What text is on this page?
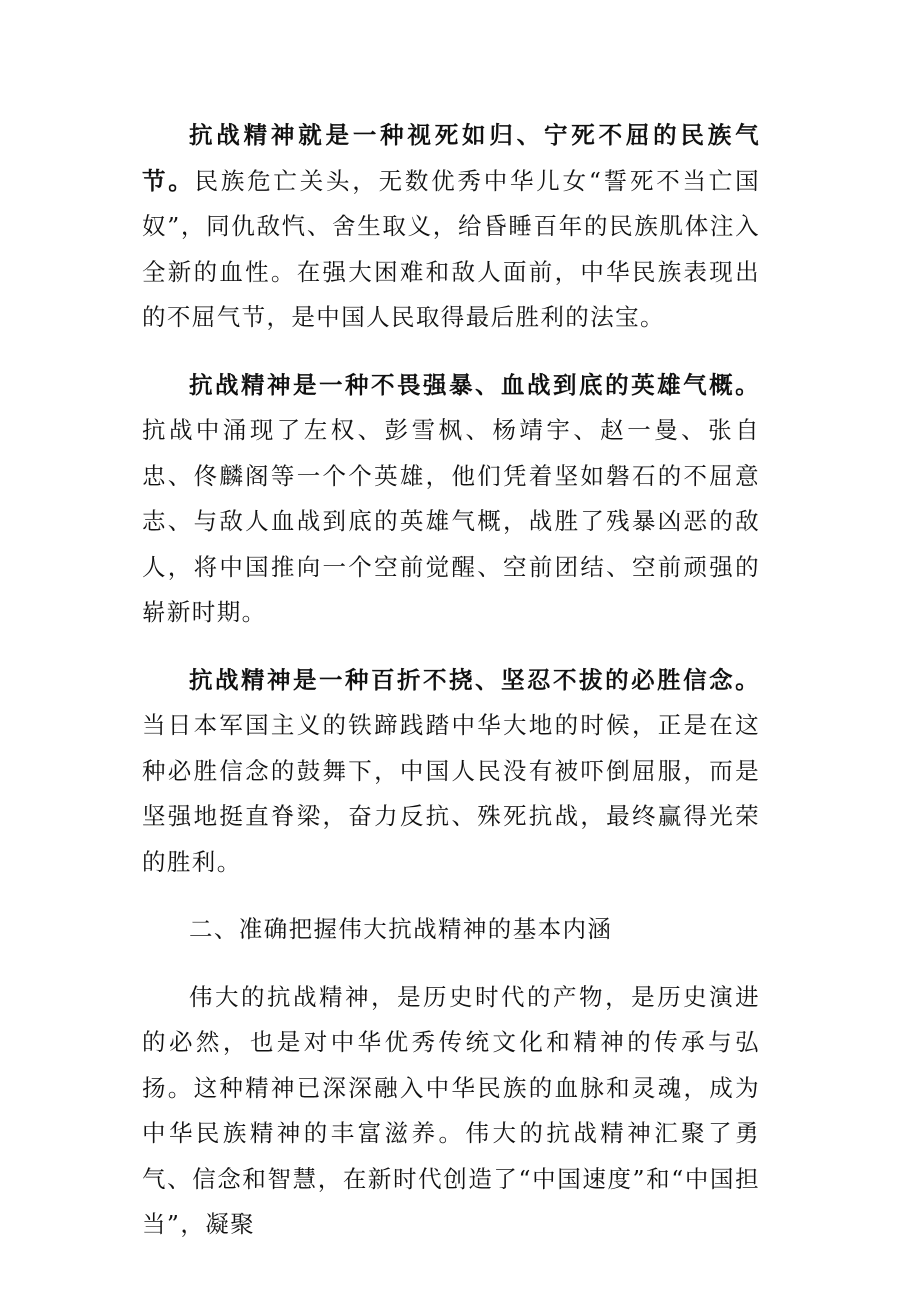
抗战精神就是一种视死如归、宁死不屈的民族气节。民族危亡关头，无数优秀中华儿女“誓死不当亡国奴”，同仇敌忾、舍生取义，给昏睡百年的民族肌体注入全新的血性。在强大困难和敌人面前，中华民族表现出的不屈气节，是中国人民取得最后胜利的法宝。

抗战精神是一种不畏强暴、血战到底的英雄气概。抗战中涌现了左权、彭雪枫、杨靖宇、赵一曼、张自忠、佟麟阁等一个个英雄，他们凭着坚如磐石的不屈意志、与敌人血战到底的英雄气概，战胜了残暴凶恶的敌人，将中国推向一个空前觉醒、空前团结、空前顽强的崭新时期。

抗战精神是一种百折不挠、坚忍不拔的必胜信念。当日本军国主义的铁蹄践踏中华大地的时候，正是在这种必胜信念的鼓舞下，中国人民没有被吓倒屈服，而是坚强地挺直脊梁，奋力反抗、殊死抗战，最终赢得光荣的胜利。

二、准确把握伟大抗战精神的基本内涵

伟大的抗战精神，是历史时代的产物，是历史演进的必然，也是对中华优秀传统文化和精神的传承与弘扬。这种精神已深深融入中华民族的血脉和灵魂，成为中华民族精神的丰富滋养。伟大的抗战精神汇聚了勇气、信念和智慧，在新时代创造了“中国速度”和“中国担当”，凝聚
